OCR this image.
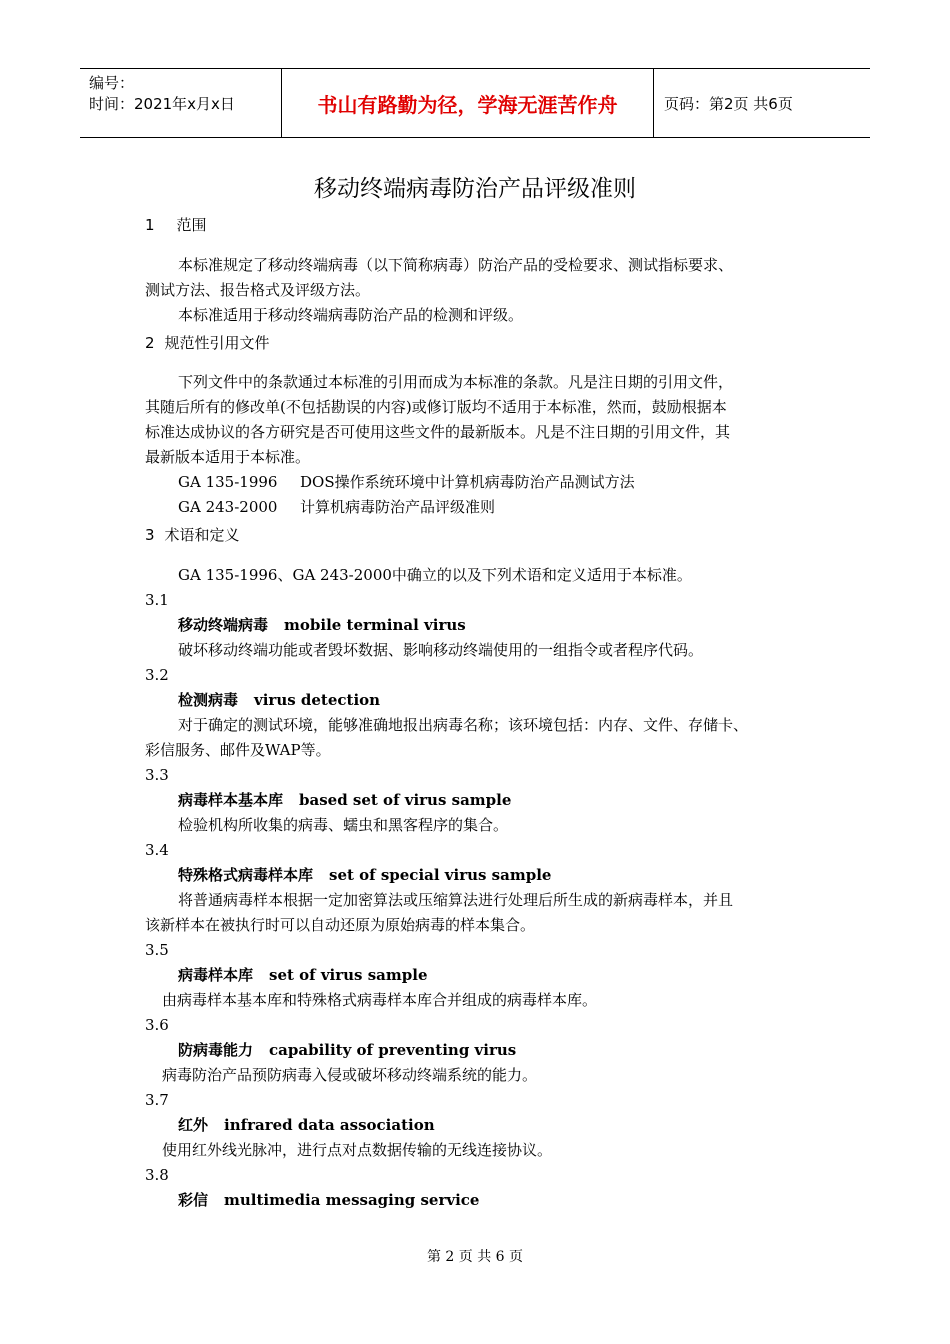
编号：
时间：2021年x月x日	书山有路勤为径，学海无涯苦作舟	页码：第2页 共6页
移动终端病毒防治产品评级准则
1 范围
本标准规定了移动终端病毒（以下简称病毒）防治产品的受检要求、测试指标要求、
测试方法、报告格式及评级方法。
本标准适用于移动终端病毒防治产品的检测和评级。
2 规范性引用文件
下列文件中的条款通过本标准的引用而成为本标准的条款。凡是注日期的引用文件，
其随后所有的修改单(不包括勘误的内容)或修订版均不适用于本标准，然而，鼓励根据本
标准达成协议的各方研究是否可使用这些文件的最新版本。凡是不注日期的引用文件，其
最新版本适用于本标准。
GA 135-1996 DOS操作系统环境中计算机病毒防治产品测试方法
GA 243-2000 计算机病毒防治产品评级准则
3 术语和定义
GA 135-1996、GA 243-2000中确立的以及下列术语和定义适用于本标准。
3.1
移动终端病毒 mobile terminal virus
破坏移动终端功能或者毁坏数据、影响移动终端使用的一组指令或者程序代码。
3.2
检测病毒 virus detection
对于确定的测试环境，能够准确地报出病毒名称；该环境包括：内存、文件、存储卡、
彩信服务、邮件及WAP等。
3.3
病毒样本基本库 based set of virus sample
检验机构所收集的病毒、蠕虫和黑客程序的集合。
3.4
特殊格式病毒样本库 set of special virus sample
将普通病毒样本根据一定加密算法或压缩算法进行处理后所生成的新病毒样本，并且
该新样本在被执行时可以自动还原为原始病毒的样本集合。
3.5
病毒样本库 set of virus sample
由病毒样本基本库和特殊格式病毒样本库合并组成的病毒样本库。
3.6
防病毒能力 capability of preventing virus
病毒防治产品预防病毒入侵或破坏移动终端系统的能力。
3.7
红外 infrared data association
使用红外线光脉冲，进行点对点数据传输的无线连接协议。
3.8
彩信 multimedia messaging service
第 2 页 共 6 页
